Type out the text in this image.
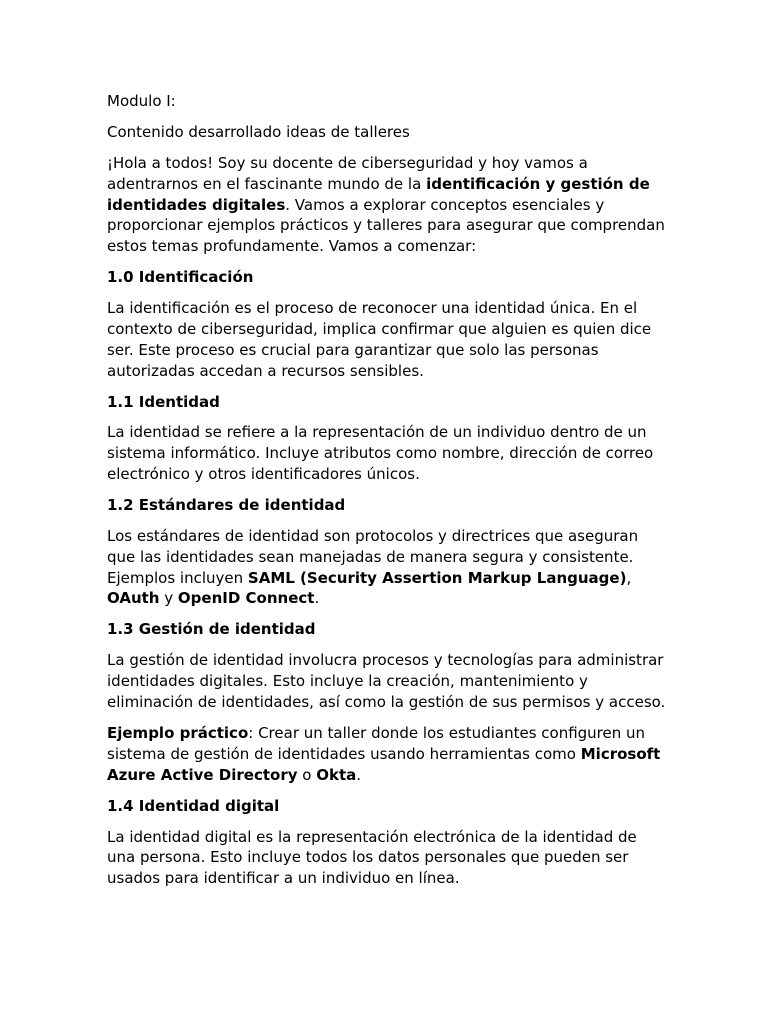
Modulo I:

Contenido desarrollado ideas de talleres

¡Hola a todos! Soy su docente de ciberseguridad y hoy vamos a adentrarnos en el fascinante mundo de la identificación y gestión de identidades digitales. Vamos a explorar conceptos esenciales y proporcionar ejemplos prácticos y talleres para asegurar que comprendan estos temas profundamente. Vamos a comenzar:

1.0 Identificación

La identificación es el proceso de reconocer una identidad única. En el contexto de ciberseguridad, implica confirmar que alguien es quien dice ser. Este proceso es crucial para garantizar que solo las personas autorizadas accedan a recursos sensibles.

1.1 Identidad

La identidad se refiere a la representación de un individuo dentro de un sistema informático. Incluye atributos como nombre, dirección de correo electrónico y otros identificadores únicos.

1.2 Estándares de identidad

Los estándares de identidad son protocolos y directrices que aseguran que las identidades sean manejadas de manera segura y consistente. Ejemplos incluyen SAML (Security Assertion Markup Language), OAuth y OpenID Connect.

1.3 Gestión de identidad

La gestión de identidad involucra procesos y tecnologías para administrar identidades digitales. Esto incluye la creación, mantenimiento y eliminación de identidades, así como la gestión de sus permisos y acceso.

Ejemplo práctico: Crear un taller donde los estudiantes configuren un sistema de gestión de identidades usando herramientas como Microsoft Azure Active Directory o Okta.

1.4 Identidad digital

La identidad digital es la representación electrónica de la identidad de una persona. Esto incluye todos los datos personales que pueden ser usados para identificar a un individuo en línea.
